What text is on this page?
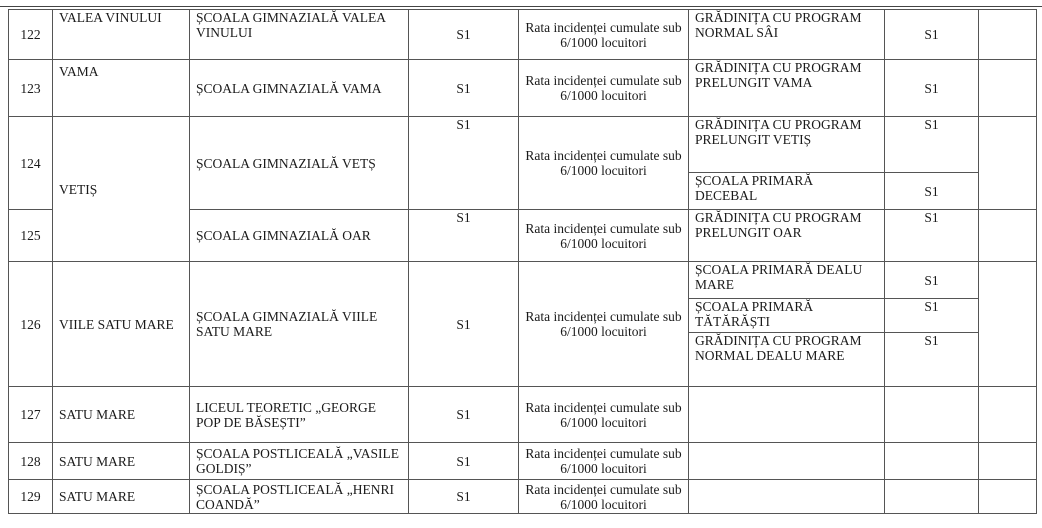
122	VALEA VINULUI	ȘCOALA GIMNAZIALĂ VALEA VINULUI	S1	Rata incidenței cumulate sub 6/1000 locuitori	GRĂDINIȚA CU PROGRAM NORMAL SÂI	S1	
123	VAMA	ȘCOALA GIMNAZIALĂ VAMA	S1	Rata incidenței cumulate sub 6/1000 locuitori	GRĂDINIȚA CU PROGRAM PRELUNGIT VAMA	S1	
124	VETIȘ	ȘCOALA GIMNAZIALĂ VETȘ	S1	Rata incidenței cumulate sub 6/1000 locuitori	GRĂDINIȚA CU PROGRAM PRELUNGIT VETIȘ	S1	
					ȘCOALA PRIMARĂ DECEBAL	S1	
125		ȘCOALA GIMNAZIALĂ OAR	S1	Rata incidenței cumulate sub 6/1000 locuitori	GRĂDINIȚA CU PROGRAM PRELUNGIT OAR	S1	
126	VIILE SATU MARE	ȘCOALA GIMNAZIALĂ VIILE SATU MARE	S1	Rata incidenței cumulate sub 6/1000 locuitori	ȘCOALA PRIMARĂ DEALU MARE	S1	
					ȘCOALA PRIMARĂ TĂTĂRĂȘTI	S1	
					GRĂDINIȚA CU PROGRAM NORMAL DEALU MARE	S1	
127	SATU MARE	LICEUL TEORETIC „GEORGE POP DE BĂSEȘTI”	S1	Rata incidenței cumulate sub 6/1000 locuitori			
128	SATU MARE	ȘCOALA POSTLICEALĂ „VASILE GOLDIȘ”	S1	Rata incidenței cumulate sub 6/1000 locuitori			
129	SATU MARE	ȘCOALA POSTLICEALĂ „HENRI COANDĂ”	S1	Rata incidenței cumulate sub 6/1000 locuitori			
